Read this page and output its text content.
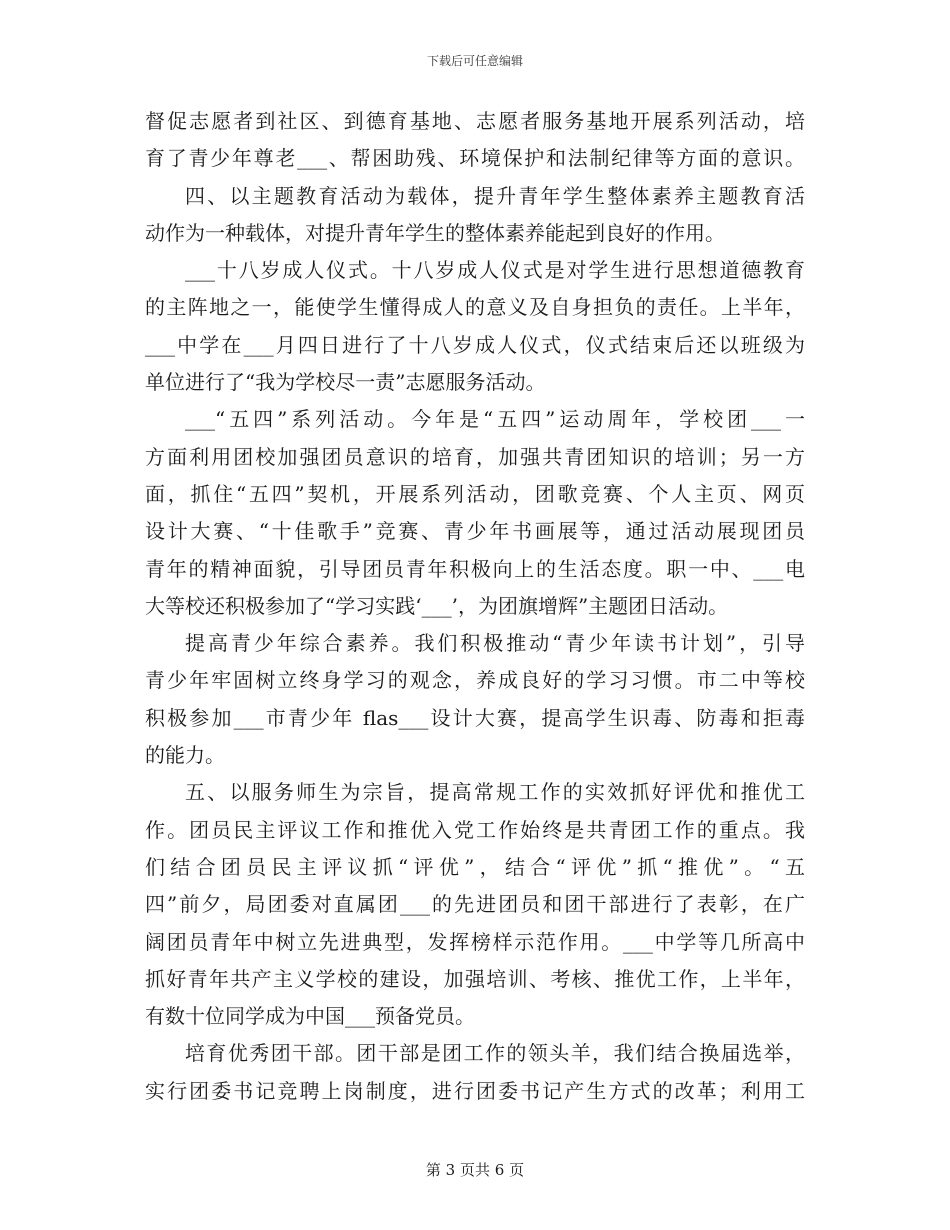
下载后可任意编辑
督促志愿者到社区、到德育基地、志愿者服务基地开展系列活动，培
育了青少年尊老___、帮困助残、环境保护和法制纪律等方面的意识。
四、以主题教育活动为载体，提升青年学生整体素养主题教育活
动作为一种载体，对提升青年学生的整体素养能起到良好的作用。
___十八岁成人仪式。十八岁成人仪式是对学生进行思想道德教育
的主阵地之一，能使学生懂得成人的意义及自身担负的责任。上半年，
___中学在___月四日进行了十八岁成人仪式，仪式结束后还以班级为
单位进行了“我为学校尽一责”志愿服务活动。
___“五四”系列活动。今年是“五四”运动周年，学校团___一
方面利用团校加强团员意识的培育，加强共青团知识的培训；另一方
面，抓住“五四”契机，开展系列活动，团歌竞赛、个人主页、网页
设计大赛、“十佳歌手”竞赛、青少年书画展等，通过活动展现团员
青年的精神面貌，引导团员青年积极向上的生活态度。职一中、___电
大等校还积极参加了“学习实践‘___’，为团旗增辉”主题团日活动。
提高青少年综合素养。我们积极推动“青少年读书计划”，引导
青少年牢固树立终身学习的观念，养成良好的学习习惯。市二中等校
积极参加___市青少年 flas___设计大赛，提高学生识毒、防毒和拒毒
的能力。
五、以服务师生为宗旨，提高常规工作的实效抓好评优和推优工
作。团员民主评议工作和推优入党工作始终是共青团工作的重点。我
们结合团员民主评议抓“评优”，结合“评优”抓“推优”。“五
四”前夕，局团委对直属团___的先进团员和团干部进行了表彰，在广
阔团员青年中树立先进典型，发挥榜样示范作用。___中学等几所高中
抓好青年共产主义学校的建设，加强培训、考核、推优工作，上半年，
有数十位同学成为中国___预备党员。
培育优秀团干部。团干部是团工作的领头羊，我们结合换届选举，
实行团委书记竞聘上岗制度，进行团委书记产生方式的改革；利用工
第 3 页共 6 页
